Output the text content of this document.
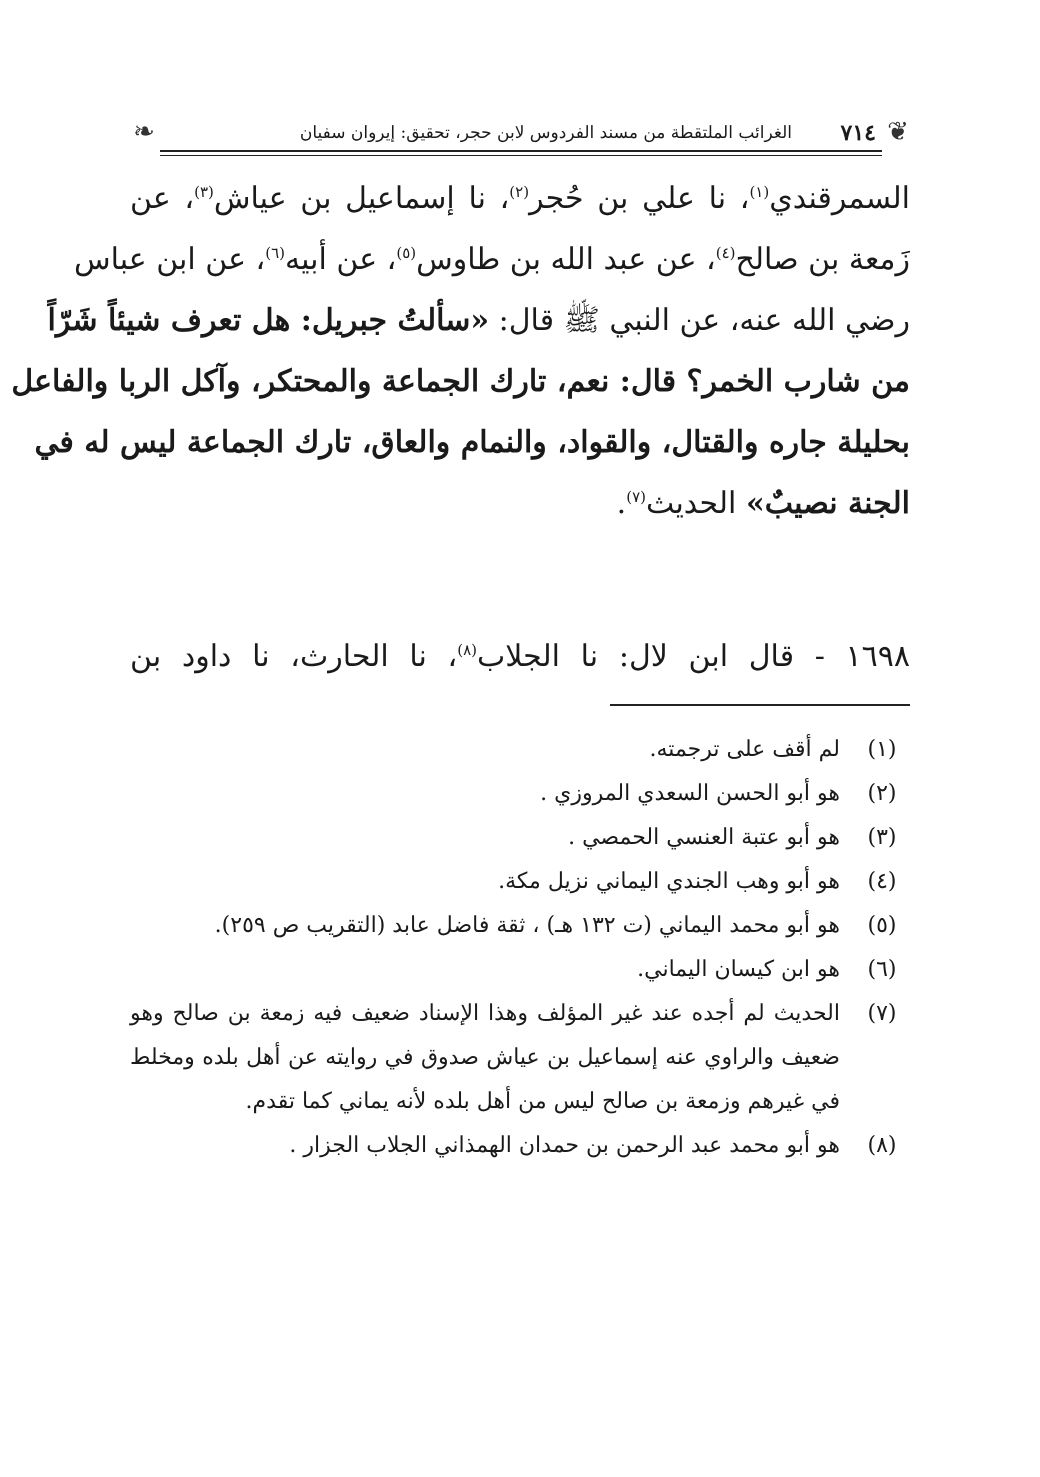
❦
٧١٤
الغرائب الملتقطة من مسند الفردوس لابن حجر، تحقيق: إيروان سفيان
❧
السمرقندي$^{(١)}$، نا علي بن حُجر$^{(٢)}$، نا إسماعيل بن عياش$^{(٣)}$، عن
زَمعة بن صالح$^{(٤)}$، عن عبد الله بن طاوس$^{(٥)}$، عن أبيه$^{(٦)}$، عن ابن عباس
رضي الله عنه، عن النبي ﷺ قال: «سألتُ جبريل: هل تعرف شيئاً شَرّاً
من شارب الخمر؟ قال: نعم، تارك الجماعة والمحتكر، وآكل الربا والفاعل
بحليلة جاره والقتال، والقواد، والنمام والعاق، تارك الجماعة ليس له في
الجنة نصيبٌ» الحديث$^{(٧)}$.
١٦٩٨ - قال ابن لال: نا الجلاب$^{(٨)}$، نا الحارث، نا داود بن
(١)
لم أقف على ترجمته.
(٢)
هو أبو الحسن السعدي المروزي .
(٣)
هو أبو عتبة العنسي الحمصي .
(٤)
هو أبو وهب الجندي اليماني نزيل مكة.
(٥)
هو أبو محمد اليماني (ت ١٣٢ هـ) ، ثقة فاضل عابد (التقريب ص ٢٥٩).
(٦)
هو ابن كيسان اليماني.
(٧)
الحديث لم أجده عند غير المؤلف وهذا الإسناد ضعيف فيه زمعة بن صالح وهو ضعيف والراوي عنه إسماعيل بن عياش صدوق في روايته عن أهل بلده ومخلط في غيرهم وزمعة بن صالح ليس من أهل بلده لأنه يماني كما تقدم.
(٨)
هو أبو محمد عبد الرحمن بن حمدان الهمذاني الجلاب الجزار .
